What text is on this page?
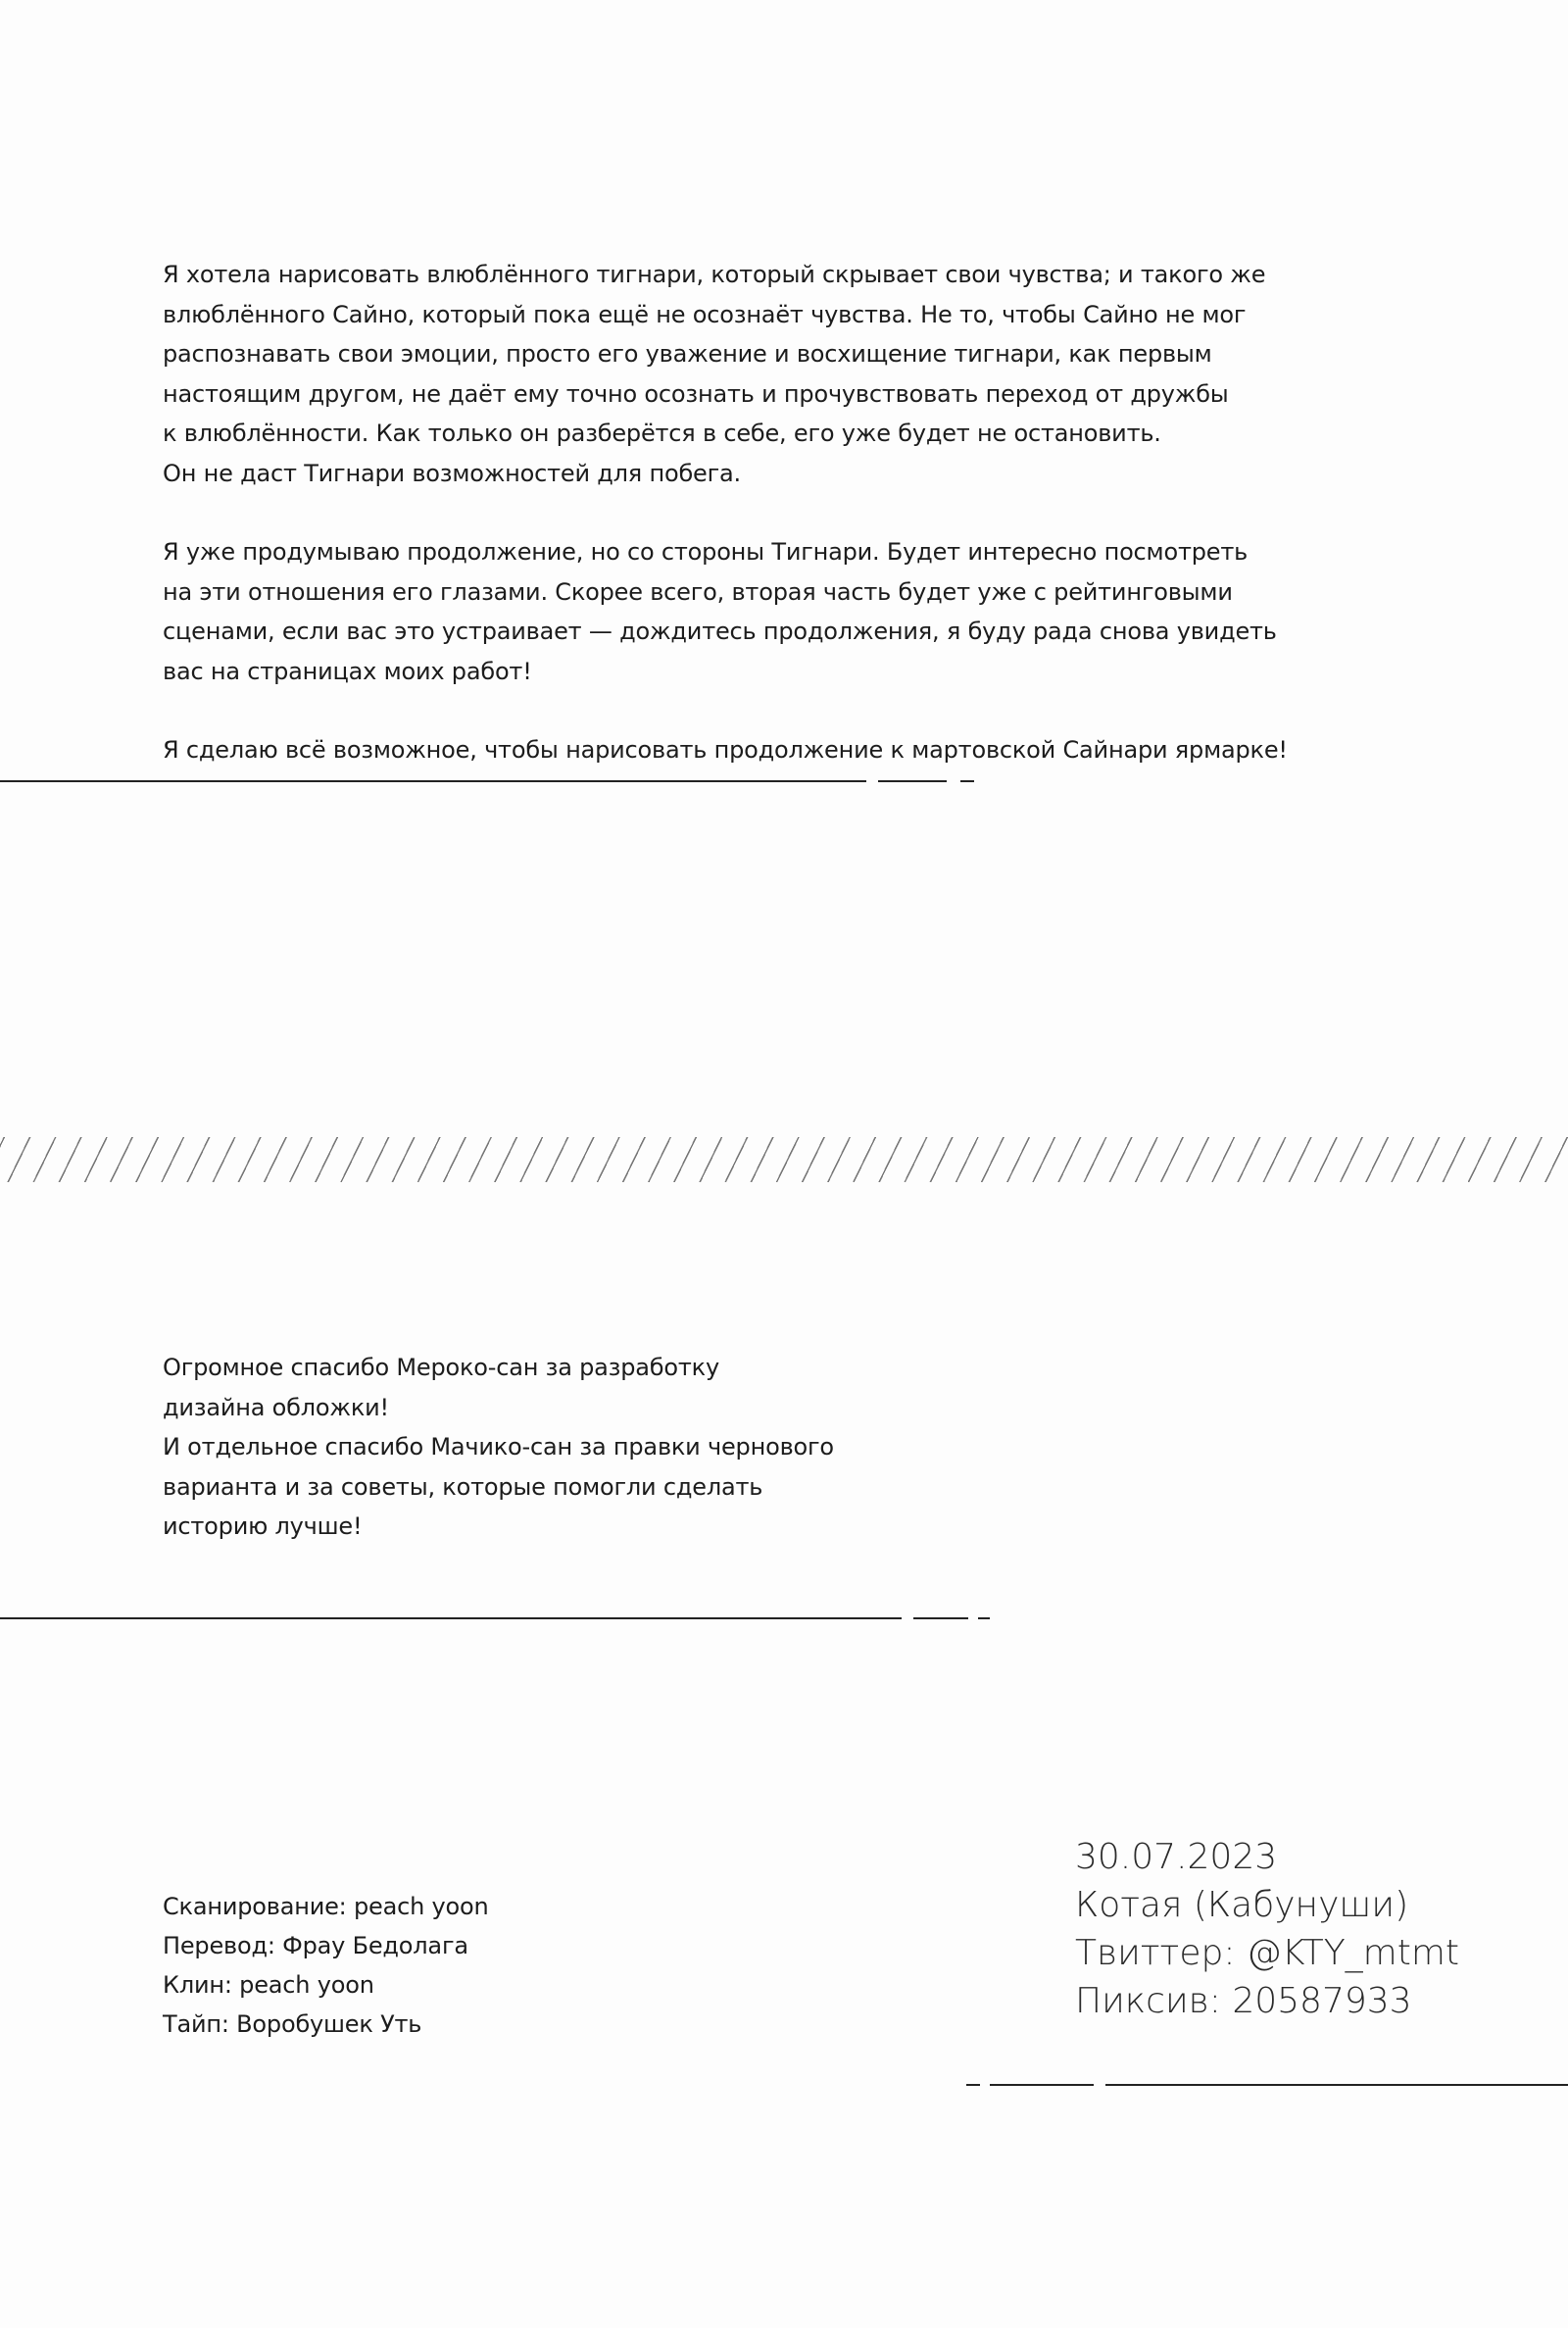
Я хотела нарисовать влюблённого тигнари, который скрывает свои чувства; и такого же

влюблённого Сайно, который пока ещё не осознаёт чувства. Не то, чтобы Сайно не мог

распознавать свои эмоции, просто его уважение и восхищение тигнари, как первым

настоящим другом, не даёт ему точно осознать и прочувствовать переход от дружбы

к влюблённости. Как только он разберётся в себе, его уже будет не остановить.

Он не даст Тигнари возможностей для побега.

Я уже продумываю продолжение, но со стороны Тигнари. Будет интересно посмотреть

на эти отношения его глазами. Скорее всего, вторая часть будет уже с рейтинговыми

сценами, если вас это устраивает — дождитесь продолжения, я буду рада снова увидеть

вас на страницах моих работ!

Я сделаю всё возможное, чтобы нарисовать продолжение к мартовской Сайнари ярмарке!

Огромное спасибо Мероко-сан за разработку

дизайна обложки!

И отдельное спасибо Мачико-сан за правки чернового

варианта и за советы, которые помогли сделать

историю лучше!

Сканирование: peach yoon

Перевод: Фрау Бедолага

Клин: peach yoon

Тайп: Воробушек Уть

30.07.2023

Котая (Кабунуши)

Твиттер: @KTY_mtmt

Пиксив: 20587933
